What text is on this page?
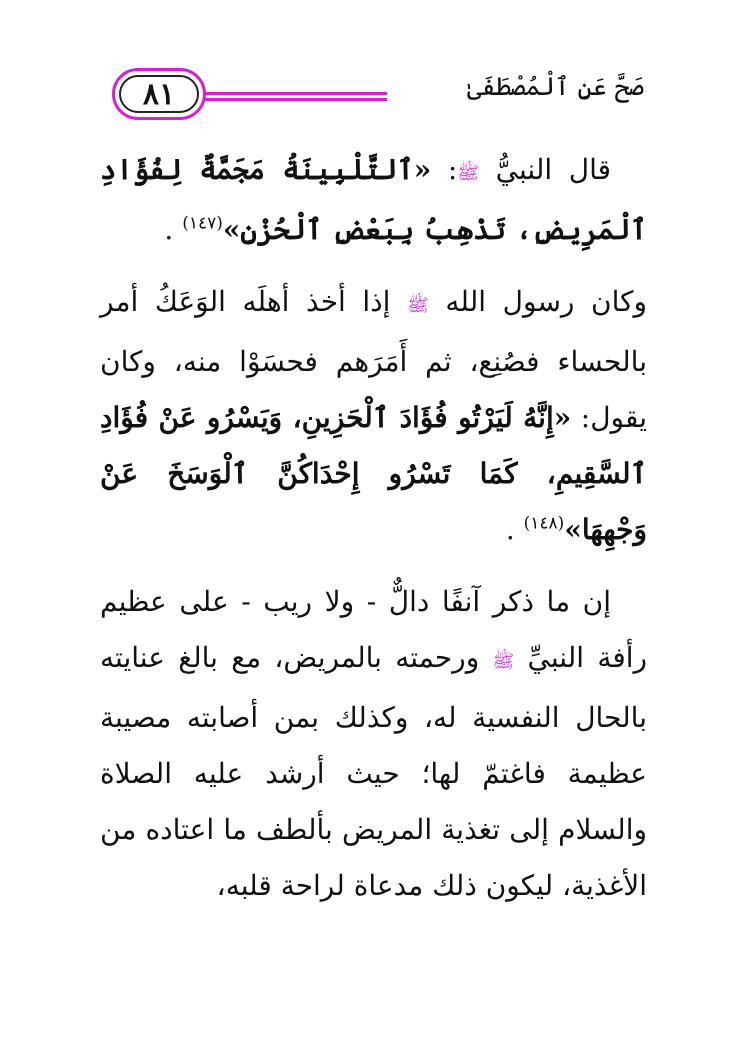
٨١	صَحَّ عَنِ ٱلْمُصْطَفَىٰ

قال النبيُّ ﷺ: «ٱلتَّلْبِينَةُ مَجَمَّةٌ لِفُؤَادِ ٱلْمَرِيضِ، تَذْهِبُ بِبَعْضِ ٱلْحُزْنِ»$^{(١٤٧)}$ .

وكان رسول الله ﷺ إذا أخذ أهلَه الوَعَكُ أمر بالحساء فصُنِع، ثم أَمَرَهم فحسَوْا منه، وكان يقول: «إِنَّهُ لَيَرْتُو فُؤَادَ ٱلْحَزِينِ، وَيَسْرُو عَنْ فُؤَادِ ٱلسَّقِيمِ، كَمَا تَسْرُو إِحْدَاكُنَّ ٱلْوَسَخَ عَنْ وَجْهِهَا»$^{(١٤٨)}$ .

إن ما ذكر آنفًا دالٌّ - ولا ريب - على عظيم رأفة النبيِّ ﷺ ورحمته بالمريض، مع بالغ عنايته بالحال النفسية له، وكذلك بمن أصابته مصيبة عظيمة فاغتمّ لها؛ حيث أرشد عليه الصلاة والسلام إلى تغذية المريض بألطف ما اعتاده من الأغذية، ليكون ذلك مدعاة لراحة قلبه،
